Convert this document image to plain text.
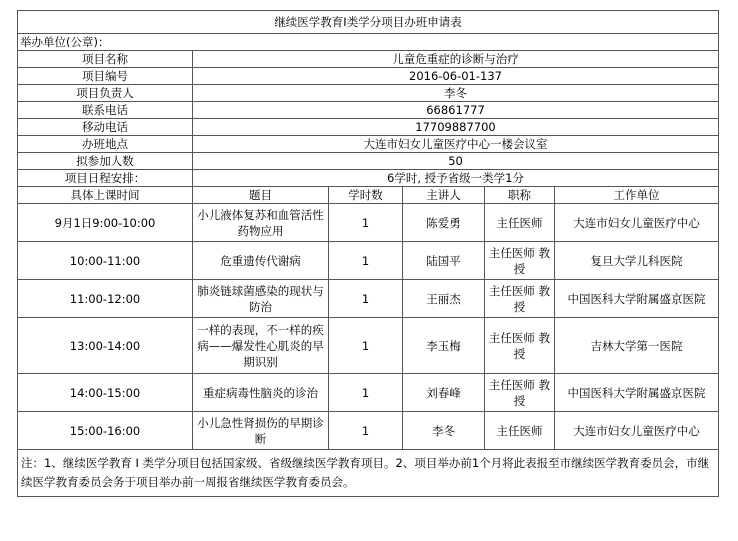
继续医学教育I类学分项目办班申请表					
举办单位(公章)：					
项目名称	儿童危重症的诊断与治疗				
项目编号	2016-06-01-137				
项目负责人	李冬				
联系电话	66861777				
移动电话	17709887700				
办班地点	大连市妇女儿童医疗中心一楼会议室				
拟参加人数	50				
项目日程安排：	6学时, 授予省级一类学1分				
具体上课时间	题目	学时数	主讲人	职称	工作单位
9月1日9:00-10:00	小儿液体复苏和血管活性药物应用	1	陈爱勇	主任医师	大连市妇女儿童医疗中心
10:00-11:00	危重遗传代谢病	1	陆国平	主任医师 教授	复旦大学儿科医院
11:00-12:00	肺炎链球菌感染的现状与防治	1	王丽杰	主任医师 教授	中国医科大学附属盛京医院
13:00-14:00	一样的表现，不一样的疾病——爆发性心肌炎的早期识别	1	李玉梅	主任医师 教授	吉林大学第一医院
14:00-15:00	重症病毒性脑炎的诊治	1	刘春峰	主任医师 教授	中国医科大学附属盛京医院
15:00-16:00	小儿急性肾损伤的早期诊断	1	李冬	主任医师	大连市妇女儿童医疗中心
注：1、继续医学教育 I 类学分项目包括国家级、省级继续医学教育项目。2、项目举办前1个月将此表报至市继续医学教育委员会，市继续医学教育委员会务于项目举办前一周报省继续医学教育委员会。					
